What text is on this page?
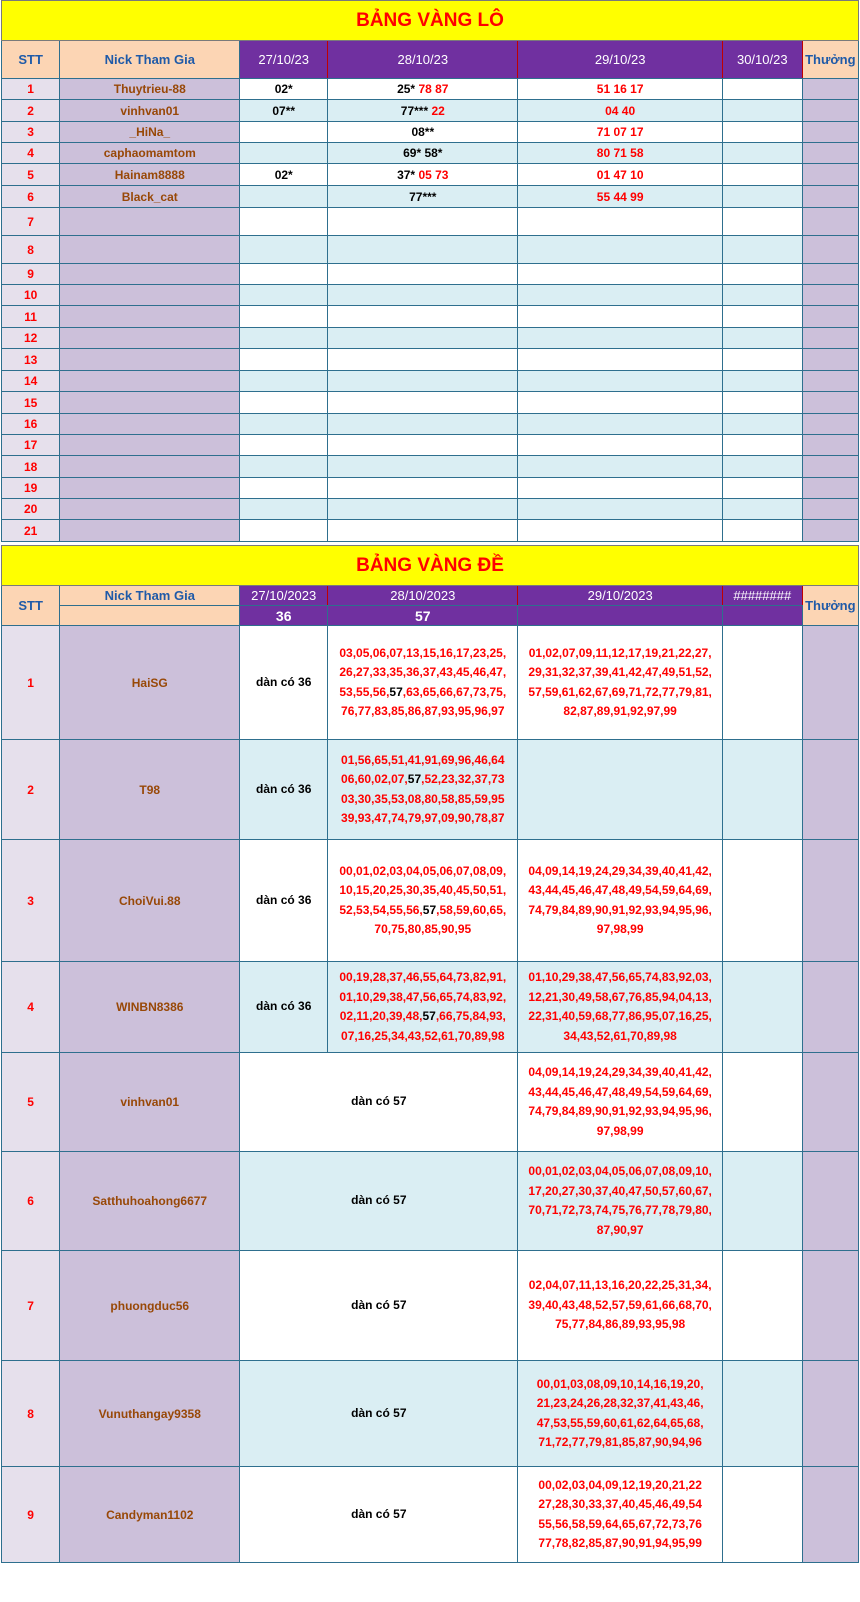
BẢNG VÀNG LÔ						
STT	Nick Tham Gia	27/10/23	28/10/23	29/10/23	30/10/23	Thưởng
1	Thuytrieu-88	02*	25* 78 87	51 16 17		
2	vinhvan01	07**	77*** 22	04 40		
3	_HiNa_		08**	71 07 17		
4	caphaomamtom		69* 58*	80 71 58		
5	Hainam8888	02*	37* 05 73	01 47 10		
6	Black_cat		77***	55 44 99		
7						
8						
9						
10						
11						
12						
13						
14						
15						
16						
17						
18						
19						
20						
21						
BẢNG VÀNG ĐỀ						
STT	Nick Tham Gia	27/10/2023	28/10/2023	29/10/2023	########	Thưởng
		36	57			
1	HaiSG	dàn có 36	03,05,06,07,13,15,16,17,23,25,
26,27,33,35,36,37,43,45,46,47,
53,55,56,57,63,65,66,67,73,75,
76,77,83,85,86,87,93,95,96,97	01,02,07,09,11,12,17,19,21,22,27,
29,31,32,37,39,41,42,47,49,51,52,
57,59,61,62,67,69,71,72,77,79,81,
82,87,89,91,92,97,99		
2	T98	dàn có 36	01,56,65,51,41,91,69,96,46,64
06,60,02,07,57,52,23,32,37,73
03,30,35,53,08,80,58,85,59,95
39,93,47,74,79,97,09,90,78,87			
3	ChoiVui.88	dàn có 36	00,01,02,03,04,05,06,07,08,09,
10,15,20,25,30,35,40,45,50,51,
52,53,54,55,56,57,58,59,60,65,
70,75,80,85,90,95	04,09,14,19,24,29,34,39,40,41,42,
43,44,45,46,47,48,49,54,59,64,69,
74,79,84,89,90,91,92,93,94,95,96,
97,98,99		
4	WINBN8386	dàn có 36	00,19,28,37,46,55,64,73,82,91,
01,10,29,38,47,56,65,74,83,92,
02,11,20,39,48,57,66,75,84,93,
07,16,25,34,43,52,61,70,89,98	01,10,29,38,47,56,65,74,83,92,03,
12,21,30,49,58,67,76,85,94,04,13,
22,31,40,59,68,77,86,95,07,16,25,
34,43,52,61,70,89,98		
5	vinhvan01	dàn có 57		04,09,14,19,24,29,34,39,40,41,42,
43,44,45,46,47,48,49,54,59,64,69,
74,79,84,89,90,91,92,93,94,95,96,
97,98,99		
6	Satthuhoahong6677	dàn có 57		00,01,02,03,04,05,06,07,08,09,10,
17,20,27,30,37,40,47,50,57,60,67,
70,71,72,73,74,75,76,77,78,79,80,
87,90,97		
7	phuongduc56	dàn có 57		02,04,07,11,13,16,20,22,25,31,34,
39,40,43,48,52,57,59,61,66,68,70,
75,77,84,86,89,93,95,98		
8	Vunuthangay9358	dàn có 57		00,01,03,08,09,10,14,16,19,20,
21,23,24,26,28,32,37,41,43,46,
47,53,55,59,60,61,62,64,65,68,
71,72,77,79,81,85,87,90,94,96		
9	Candyman1102	dàn có 57		00,02,03,04,09,12,19,20,21,22
27,28,30,33,37,40,45,46,49,54
55,56,58,59,64,65,67,72,73,76
77,78,82,85,87,90,91,94,95,99		
